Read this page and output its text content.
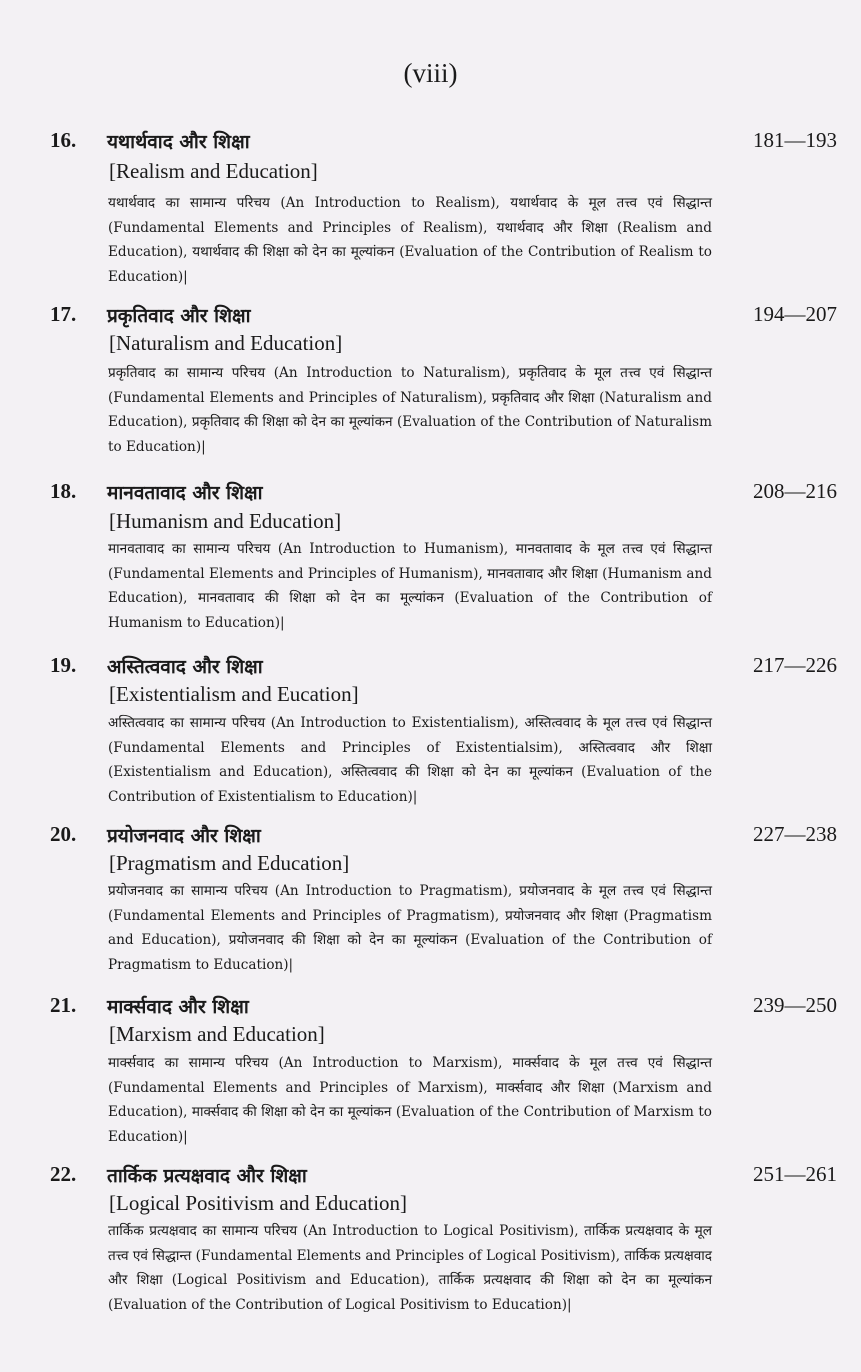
(viii)
16. यथार्थवाद और शिक्षा	181—193
[Realism and Education]
यथार्थवाद का सामान्य परिचय (An Introduction to Realism), यथार्थवाद के मूल तत्त्व एवं सिद्धान्त (Fundamental Elements and Principles of Realism), यथार्थवाद और शिक्षा (Realism and Education), यथार्थवाद की शिक्षा को देन का मूल्यांकन (Evaluation of the Contribution of Realism to Education)|
17. प्रकृतिवाद और शिक्षा	194—207
[Naturalism and Education]
प्रकृतिवाद का सामान्य परिचय (An Introduction to Naturalism), प्रकृतिवाद के मूल तत्त्व एवं सिद्धान्त (Fundamental Elements and Principles of Naturalism), प्रकृतिवाद और शिक्षा (Naturalism and Education), प्रकृतिवाद की शिक्षा को देन का मूल्यांकन (Evaluation of the Contribution of Naturalism to Education)|
18. मानवतावाद और शिक्षा	208—216
[Humanism and Education]
मानवतावाद का सामान्य परिचय (An Introduction to Humanism), मानवतावाद के मूल तत्त्व एवं सिद्धान्त (Fundamental Elements and Principles of Humanism), मानवतावाद और शिक्षा (Humanism and Education), मानवतावाद की शिक्षा को देन का मूल्यांकन (Evaluation of the Contribution of Humanism to Education)|
19. अस्तित्ववाद और शिक्षा	217—226
[Existentialism and Eucation]
अस्तित्ववाद का सामान्य परिचय (An Introduction to Existentialism), अस्तित्ववाद के मूल तत्त्व एवं सिद्धान्त (Fundamental Elements and Principles of Existentialsim), अस्तित्ववाद और शिक्षा (Existentialism and Education), अस्तित्ववाद की शिक्षा को देन का मूल्यांकन (Evaluation of the Contribution of Existentialism to Education)|
20. प्रयोजनवाद और शिक्षा	227—238
[Pragmatism and Education]
प्रयोजनवाद का सामान्य परिचय (An Introduction to Pragmatism), प्रयोजनवाद के मूल तत्त्व एवं सिद्धान्त (Fundamental Elements and Principles of Pragmatism), प्रयोजनवाद और शिक्षा (Pragmatism and Education), प्रयोजनवाद की शिक्षा को देन का मूल्यांकन (Evaluation of the Contribution of Pragmatism to Education)|
21. मार्क्सवाद और शिक्षा	239—250
[Marxism and Education]
मार्क्सवाद का सामान्य परिचय (An Introduction to Marxism), मार्क्सवाद के मूल तत्त्व एवं सिद्धान्त (Fundamental Elements and Principles of Marxism), मार्क्सवाद और शिक्षा (Marxism and Education), मार्क्सवाद की शिक्षा को देन का मूल्यांकन (Evaluation of the Contribution of Marxism to Education)|
22. तार्किक प्रत्यक्षवाद और शिक्षा	251—261
[Logical Positivism and Education]
तार्किक प्रत्यक्षवाद का सामान्य परिचय (An Introduction to Logical Positivism), तार्किक प्रत्यक्षवाद के मूल तत्त्व एवं सिद्धान्त (Fundamental Elements and Principles of Logical Positivism), तार्किक प्रत्यक्षवाद और शिक्षा (Logical Positivism and Education), तार्किक प्रत्यक्षवाद की शिक्षा को देन का मूल्यांकन (Evaluation of the Contribution of Logical Positivism to Education)|
